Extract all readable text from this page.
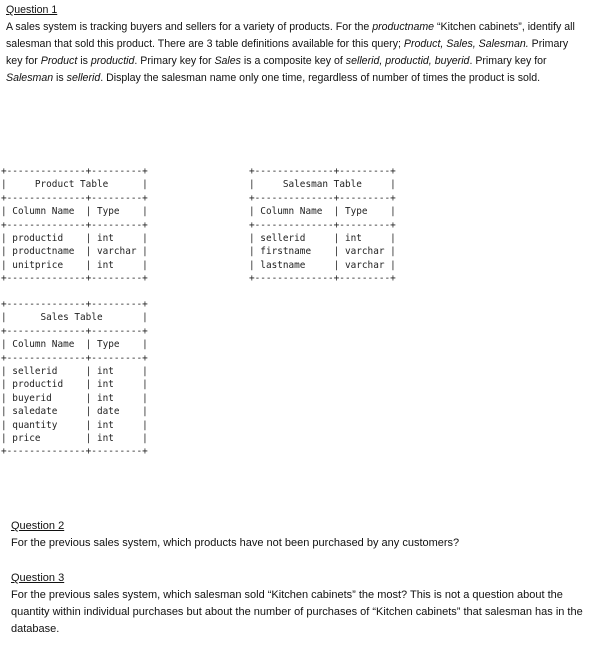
Question 1
A sales system is tracking buyers and sellers for a variety of products. For the productname “Kitchen cabinets”, identify all salesman that sold this product. There are 3 table definitions available for this query; Product, Sales, Salesman. Primary key for Product is productid. Primary key for Sales is a composite key of sellerid, productid, buyerid. Primary key for Salesman is sellerid. Display the salesman name only one time, regardless of number of times the product is sold.
+--------------+---------+
|     Product Table      |
+--------------+---------+
| Column Name  | Type    |
+--------------+---------+
| productid    | int     |
| productname  | varchar |
| unitprice    | int     |
+--------------+---------+
+--------------+---------+
|     Salesman Table     |
+--------------+---------+
| Column Name  | Type    |
+--------------+---------+
| sellerid     | int     |
| firstname    | varchar |
| lastname     | varchar |
+--------------+---------+
+--------------+---------+
|      Sales Table       |
+--------------+---------+
| Column Name  | Type    |
+--------------+---------+
| sellerid     | int     |
| productid    | int     |
| buyerid      | int     |
| saledate     | date    |
| quantity     | int     |
| price        | int     |
+--------------+---------+
Question 2
For the previous sales system, which products have not been purchased by any customers?
Question 3
For the previous sales system, which salesman sold “Kitchen cabinets” the most? This is not a question about the quantity within individual purchases but about the number of purchases of “Kitchen cabinets” that salesman has in the database.
